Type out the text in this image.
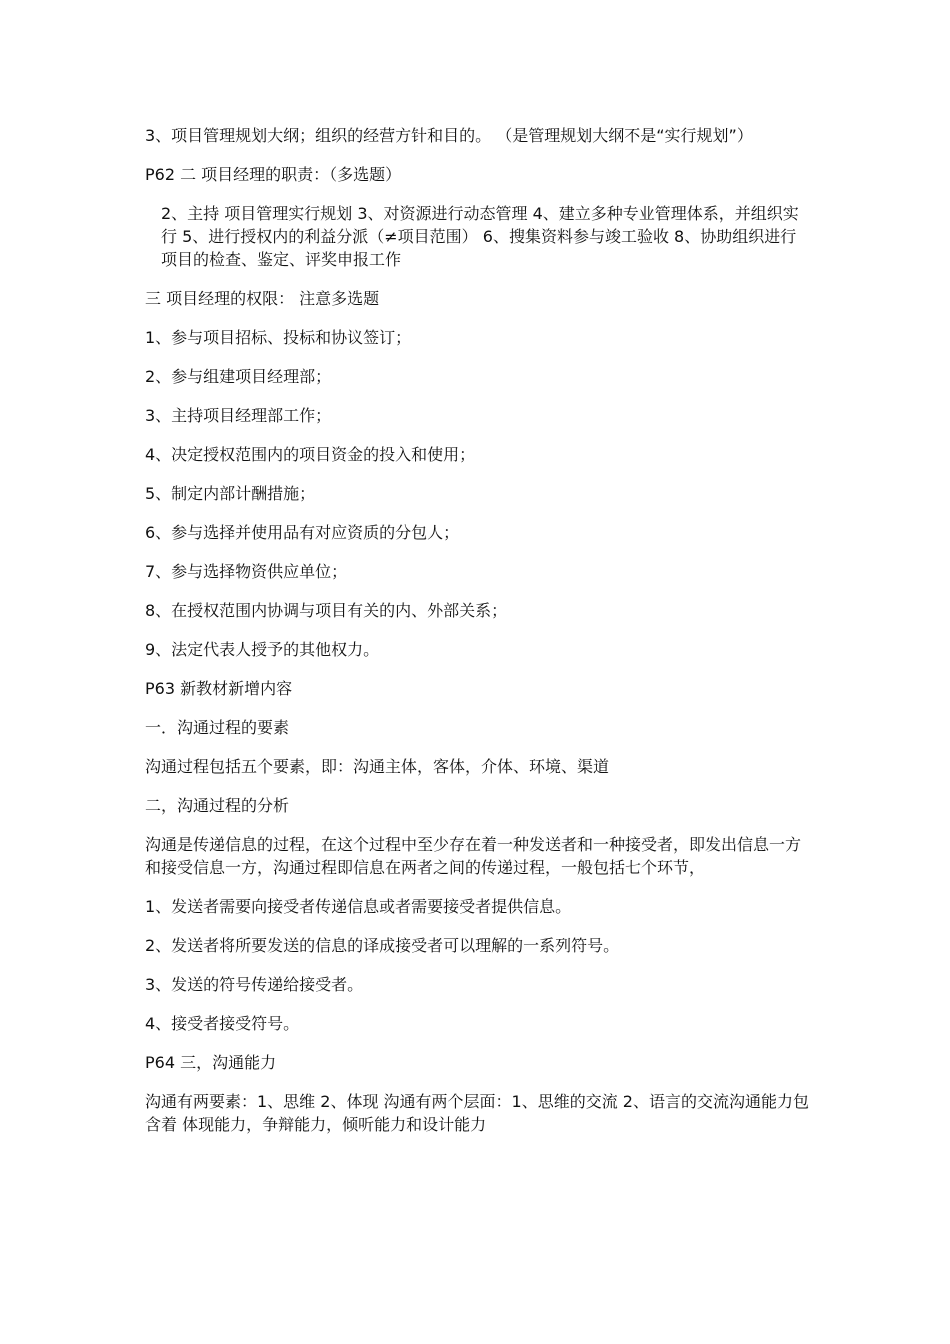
3、项目管理规划大纲；组织的经营方针和目的。 （是管理规划大纲不是“实行规划”）

P62 二 项目经理的职责：（多选题）

2、主持 项目管理实行规划 3、对资源进行动态管理 4、建立多种专业管理体系，并组织实行 5、进行授权内的利益分派（≠项目范围） 6、搜集资料参与竣工验收 8、协助组织进行项目的检查、鉴定、评奖申报工作

三 项目经理的权限： 注意多选题

1、参与项目招标、投标和协议签订；

2、参与组建项目经理部；

3、主持项目经理部工作；

4、决定授权范围内的项目资金的投入和使用；

5、制定内部计酬措施；

6、参与选择并使用品有对应资质的分包人；

7、参与选择物资供应单位；

8、在授权范围内协调与项目有关的内、外部关系；

9、法定代表人授予的其他权力。

P63 新教材新增内容

一．沟通过程的要素

沟通过程包括五个要素，即：沟通主体，客体，介体、环境、渠道

二，沟通过程的分析

沟通是传递信息的过程，在这个过程中至少存在着一种发送者和一种接受者，即发出信息一方和接受信息一方，沟通过程即信息在两者之间的传递过程，一般包括七个环节，

1、发送者需要向接受者传递信息或者需要接受者提供信息。

2、发送者将所要发送的信息的译成接受者可以理解的一系列符号。

3、发送的符号传递给接受者。

4、接受者接受符号。

P64 三，沟通能力

沟通有两要素：1、思维 2、体现 沟通有两个层面：1、思维的交流 2、语言的交流沟通能力包含着 体现能力，争辩能力，倾听能力和设计能力
